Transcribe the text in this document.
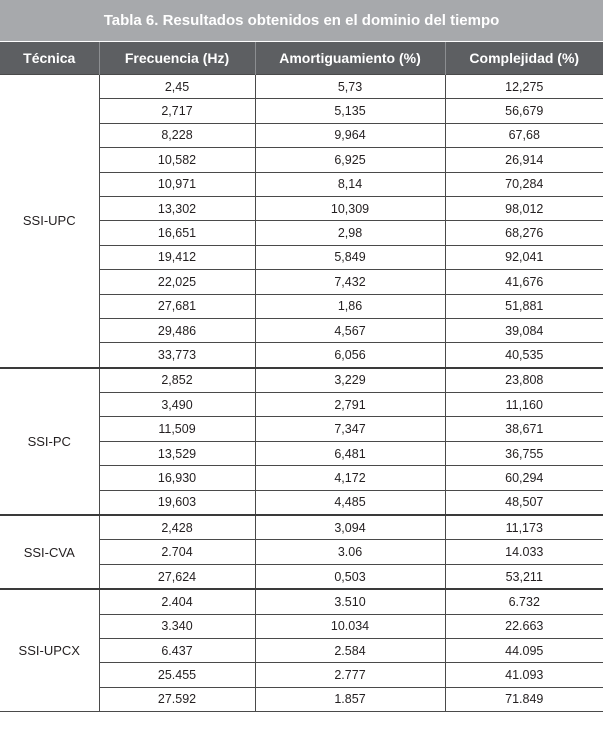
Tabla 6. Resultados obtenidos en el dominio del tiempo
Técnica	Frecuencia (Hz)	Amortiguamiento (%)	Complejidad (%)
SSI-UPC	2,45	5,73	12,275
	2,717	5,135	56,679
	8,228	9,964	67,68
	10,582	6,925	26,914
	10,971	8,14	70,284
	13,302	10,309	98,012
	16,651	2,98	68,276
	19,412	5,849	92,041
	22,025	7,432	41,676
	27,681	1,86	51,881
	29,486	4,567	39,084
	33,773	6,056	40,535
SSI-PC	2,852	3,229	23,808
	3,490	2,791	11,160
	11,509	7,347	38,671
	13,529	6,481	36,755
	16,930	4,172	60,294
	19,603	4,485	48,507
SSI-CVA	2,428	3,094	11,173
	2.704	3.06	14.033
	27,624	0,503	53,211
SSI-UPCX	2.404	3.510	6.732
	3.340	10.034	22.663
	6.437	2.584	44.095
	25.455	2.777	41.093
	27.592	1.857	71.849
